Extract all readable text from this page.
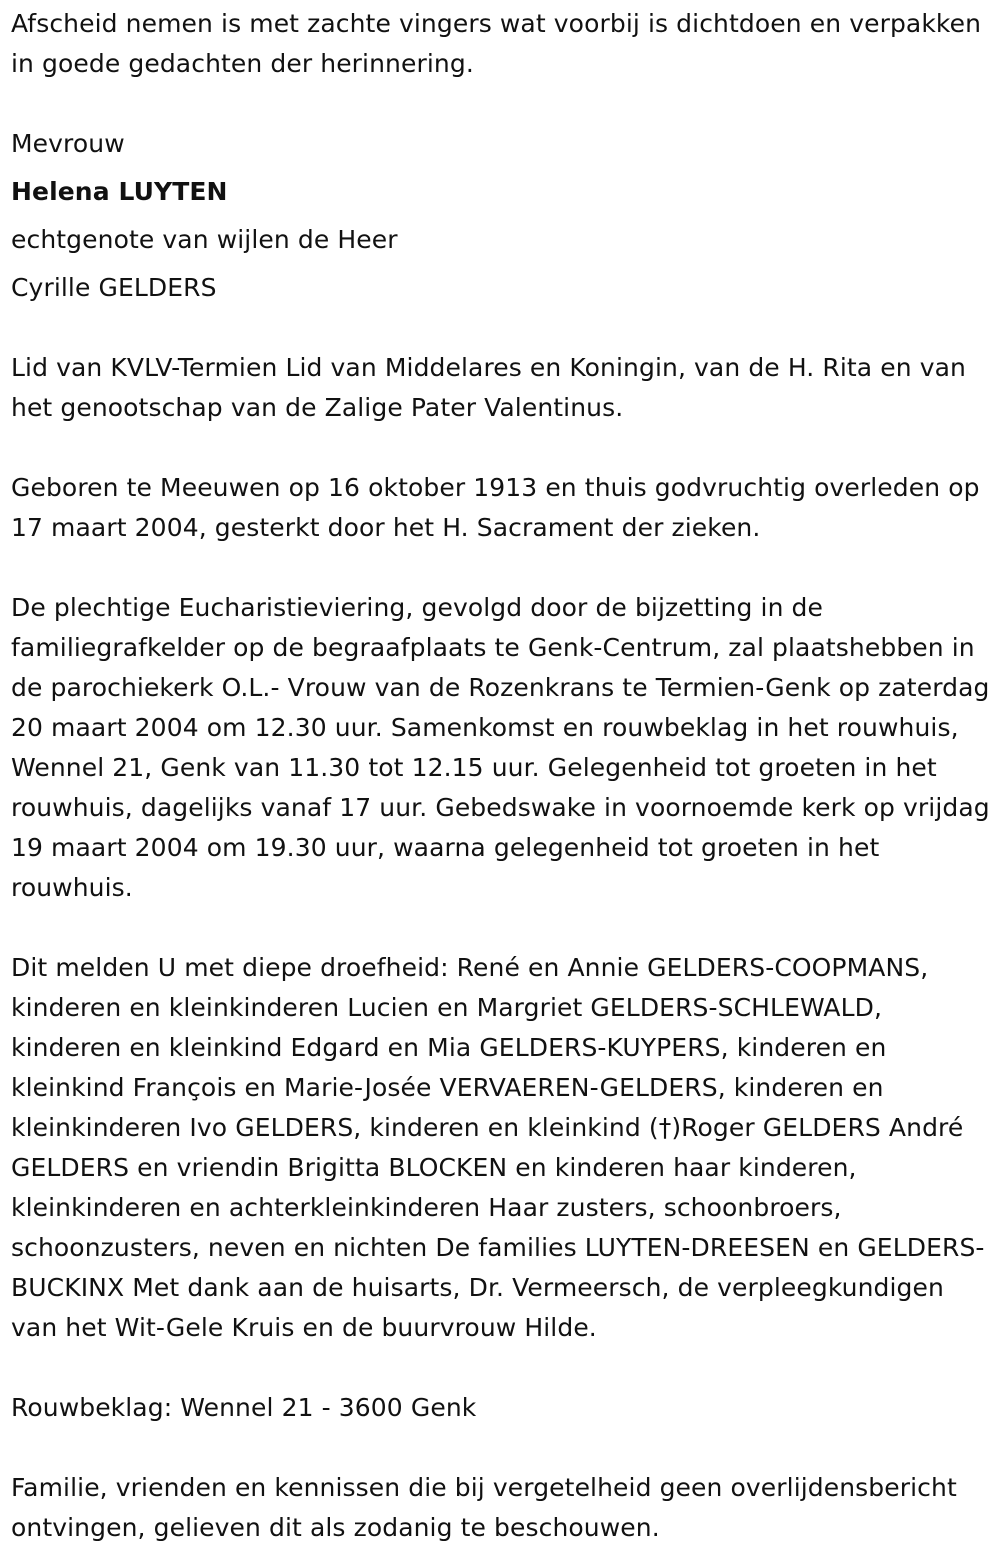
Afscheid nemen is met zachte vingers wat voorbij is dichtdoen en verpakken in goede gedachten der herinnering.

Mevrouw

Helena LUYTEN

echtgenote van wijlen de Heer

Cyrille GELDERS

Lid van KVLV-Termien Lid van Middelares en Koningin, van de H. Rita en van het genootschap van de Zalige Pater Valentinus.

Geboren te Meeuwen op 16 oktober 1913 en thuis godvruchtig overleden op 17 maart 2004, gesterkt door het H. Sacrament der zieken.

De plechtige Eucharistieviering, gevolgd door de bijzetting in de familiegrafkelder op de begraafplaats te Genk-Centrum, zal plaatshebben in de parochiekerk O.L.- Vrouw van de Rozenkrans te Termien-Genk op zaterdag 20 maart 2004 om 12.30 uur. Samenkomst en rouwbeklag in het rouwhuis, Wennel 21, Genk van 11.30 tot 12.15 uur. Gelegenheid tot groeten in het rouwhuis, dagelijks vanaf 17 uur. Gebedswake in voornoemde kerk op vrijdag 19 maart 2004 om 19.30 uur, waarna gelegenheid tot groeten in het rouwhuis.

Dit melden U met diepe droefheid: René en Annie GELDERS-COOPMANS, kinderen en kleinkinderen Lucien en Margriet GELDERS-SCHLEWALD, kinderen en kleinkind Edgard en Mia GELDERS-KUYPERS, kinderen en kleinkind François en Marie-Josée VERVAEREN-GELDERS, kinderen en kleinkinderen Ivo GELDERS, kinderen en kleinkind (†)Roger GELDERS André GELDERS en vriendin Brigitta BLOCKEN en kinderen haar kinderen, kleinkinderen en achterkleinkinderen Haar zusters, schoonbroers, schoonzusters, neven en nichten De families LUYTEN-DREESEN en GELDERS-BUCKINX Met dank aan de huisarts, Dr. Vermeersch, de verpleegkundigen van het Wit-Gele Kruis en de buurvrouw Hilde.

Rouwbeklag: Wennel 21 - 3600 Genk

Familie, vrienden en kennissen die bij vergetelheid geen overlijdensbericht ontvingen, gelieven dit als zodanig te beschouwen.
